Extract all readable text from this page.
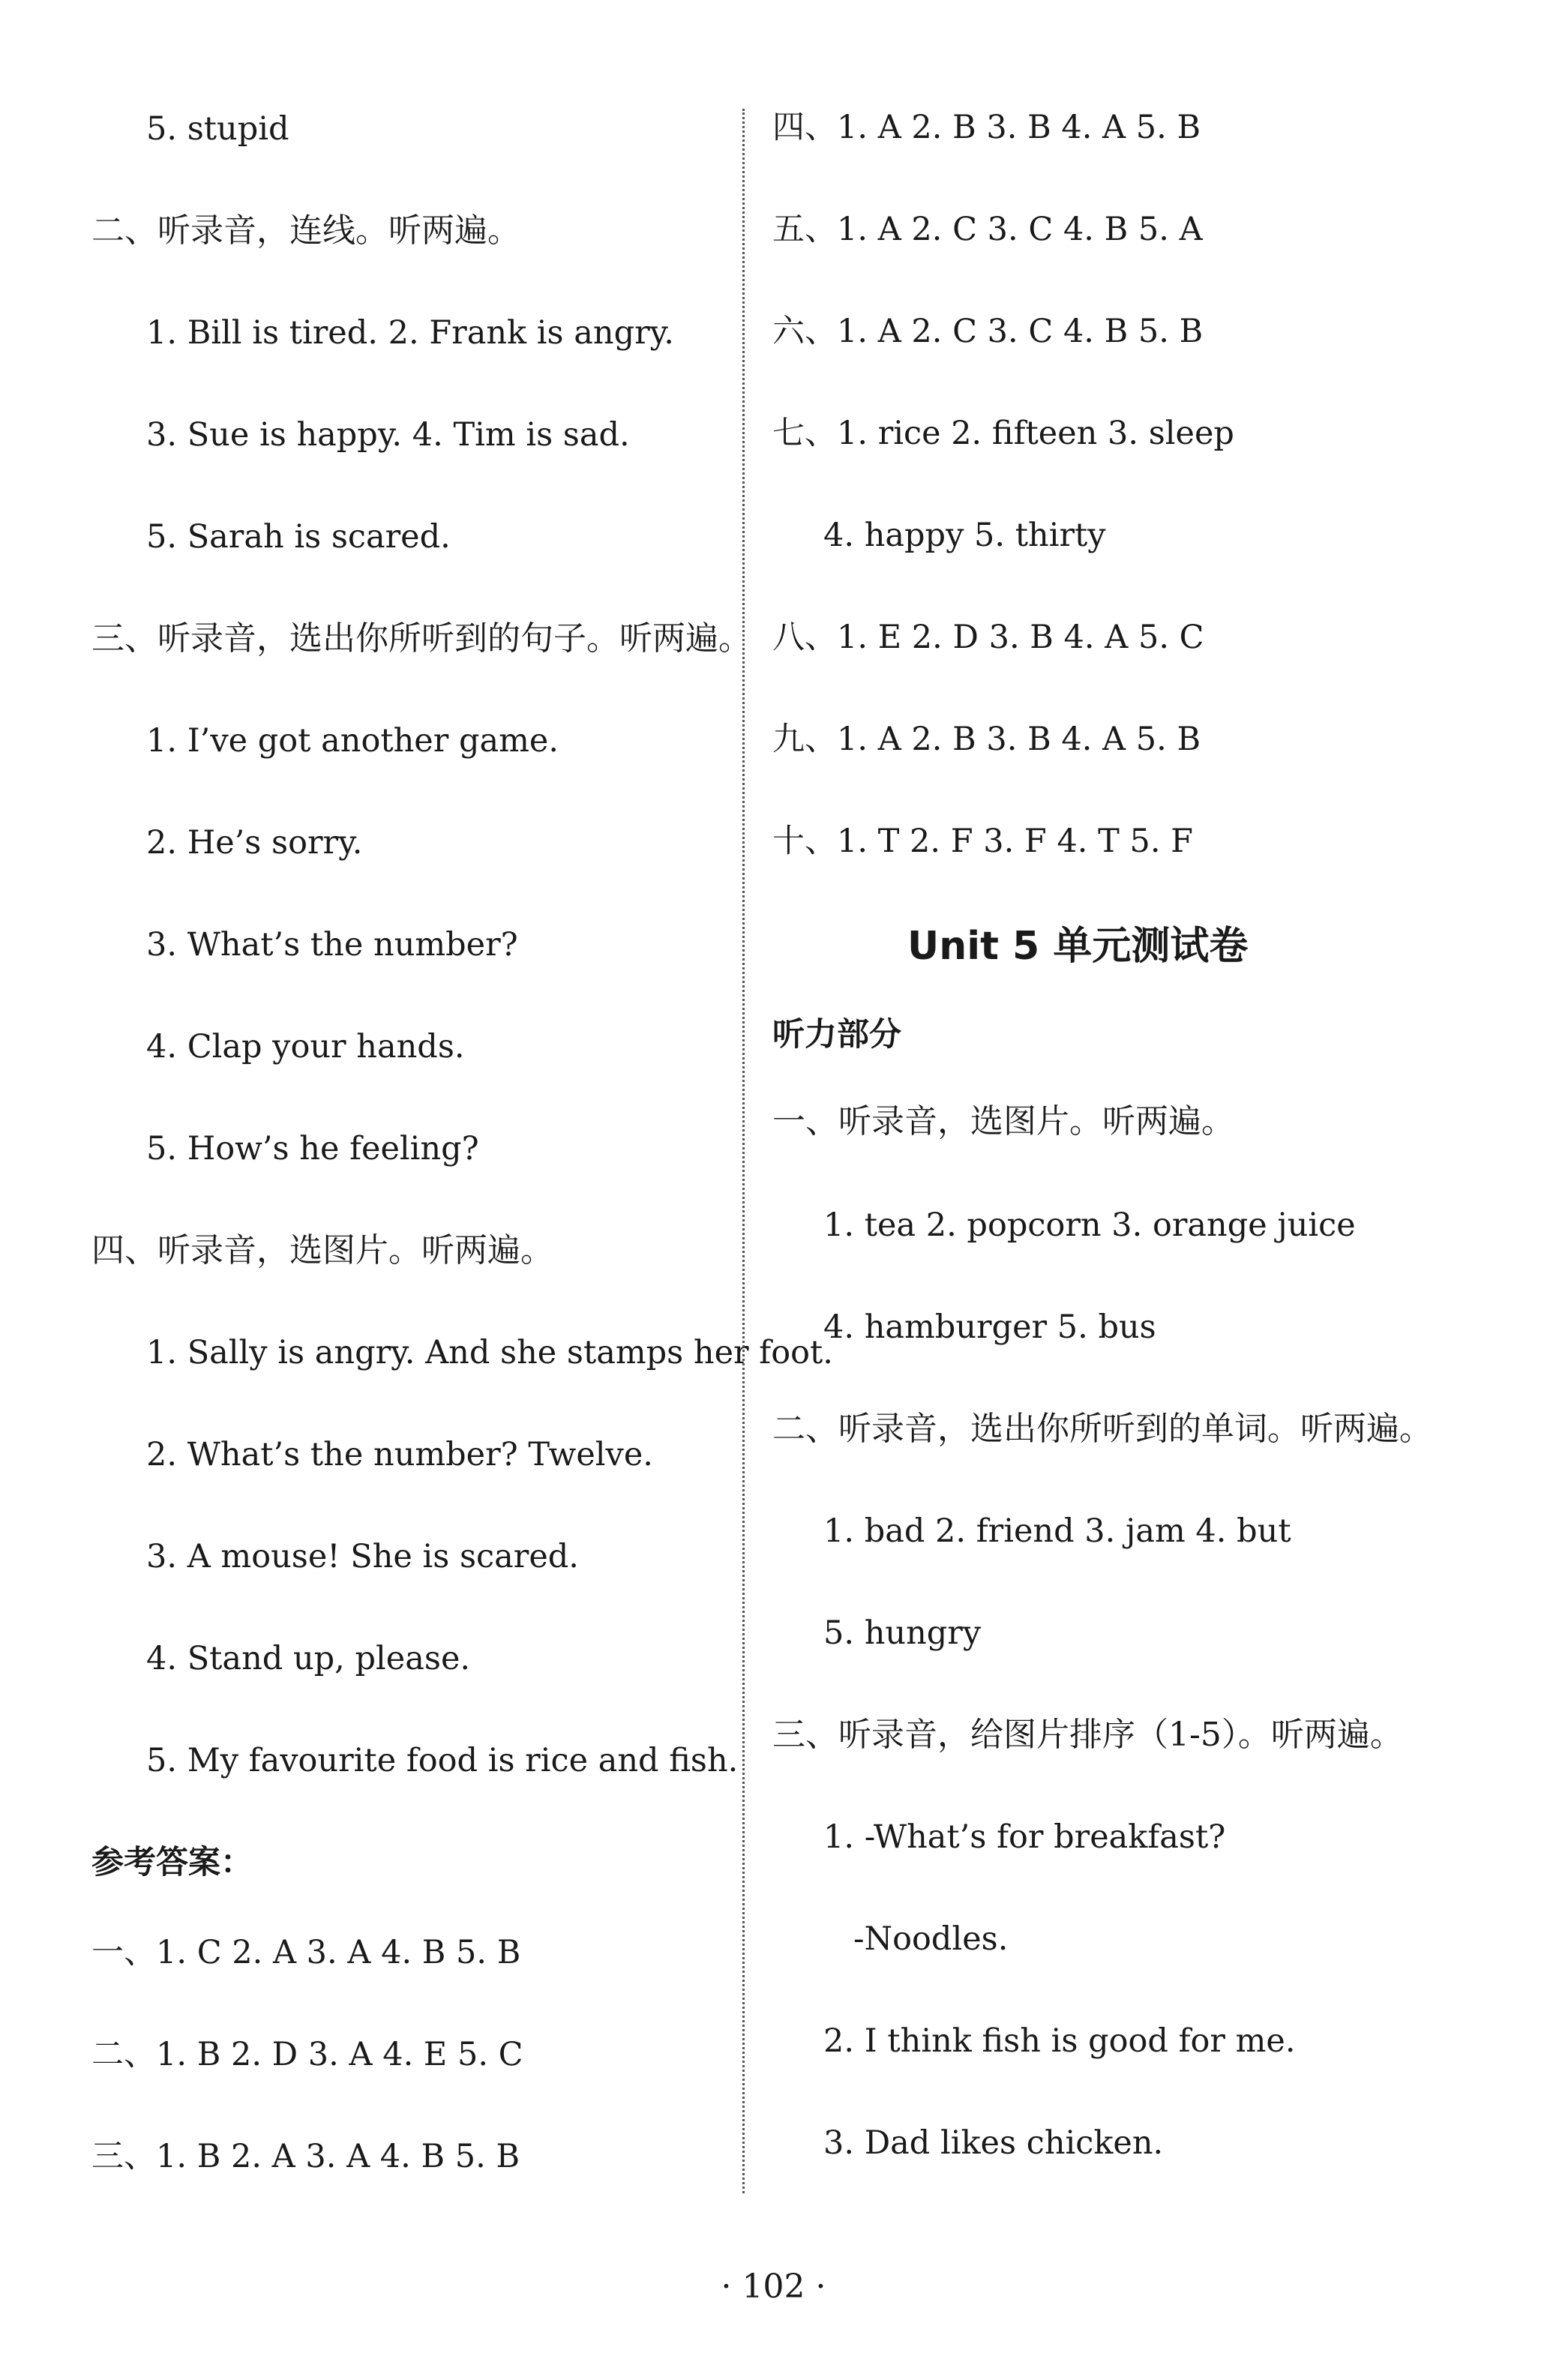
5. stupid
二、听录音，连线。听两遍。
1. Bill is tired. 2. Frank is angry.
3. Sue is happy. 4. Tim is sad.
5. Sarah is scared.
三、听录音，选出你所听到的句子。听两遍。
1. I’ve got another game.
2. He’s sorry.
3. What’s the number?
4. Clap your hands.
5. How’s he feeling?
四、听录音，选图片。听两遍。
1. Sally is angry. And she stamps her foot.
2. What’s the number? Twelve.
3. A mouse! She is scared.
4. Stand up, please.
5. My favourite food is rice and fish.
参考答案：
一、1. C 2. A 3. A 4. B 5. B
二、1. B 2. D 3. A 4. E 5. C
三、1. B 2. A 3. A 4. B 5. B
四、1. A 2. B 3. B 4. A 5. B
五、1. A 2. C 3. C 4. B 5. A
六、1. A 2. C 3. C 4. B 5. B
七、1. rice 2. fifteen 3. sleep
4. happy 5. thirty
八、1. E 2. D 3. B 4. A 5. C
九、1. A 2. B 3. B 4. A 5. B
十、1. T 2. F 3. F 4. T 5. F
Unit 5 单元测试卷
听力部分
一、听录音，选图片。听两遍。
1. tea 2. popcorn 3. orange juice
4. hamburger 5. bus
二、听录音，选出你所听到的单词。听两遍。
1. bad 2. friend 3. jam 4. but
5. hungry
三、听录音，给图片排序（1-5）。听两遍。
1. -What’s for breakfast?
-Noodles.
2. I think fish is good for me.
3. Dad likes chicken.
· 102 ·
